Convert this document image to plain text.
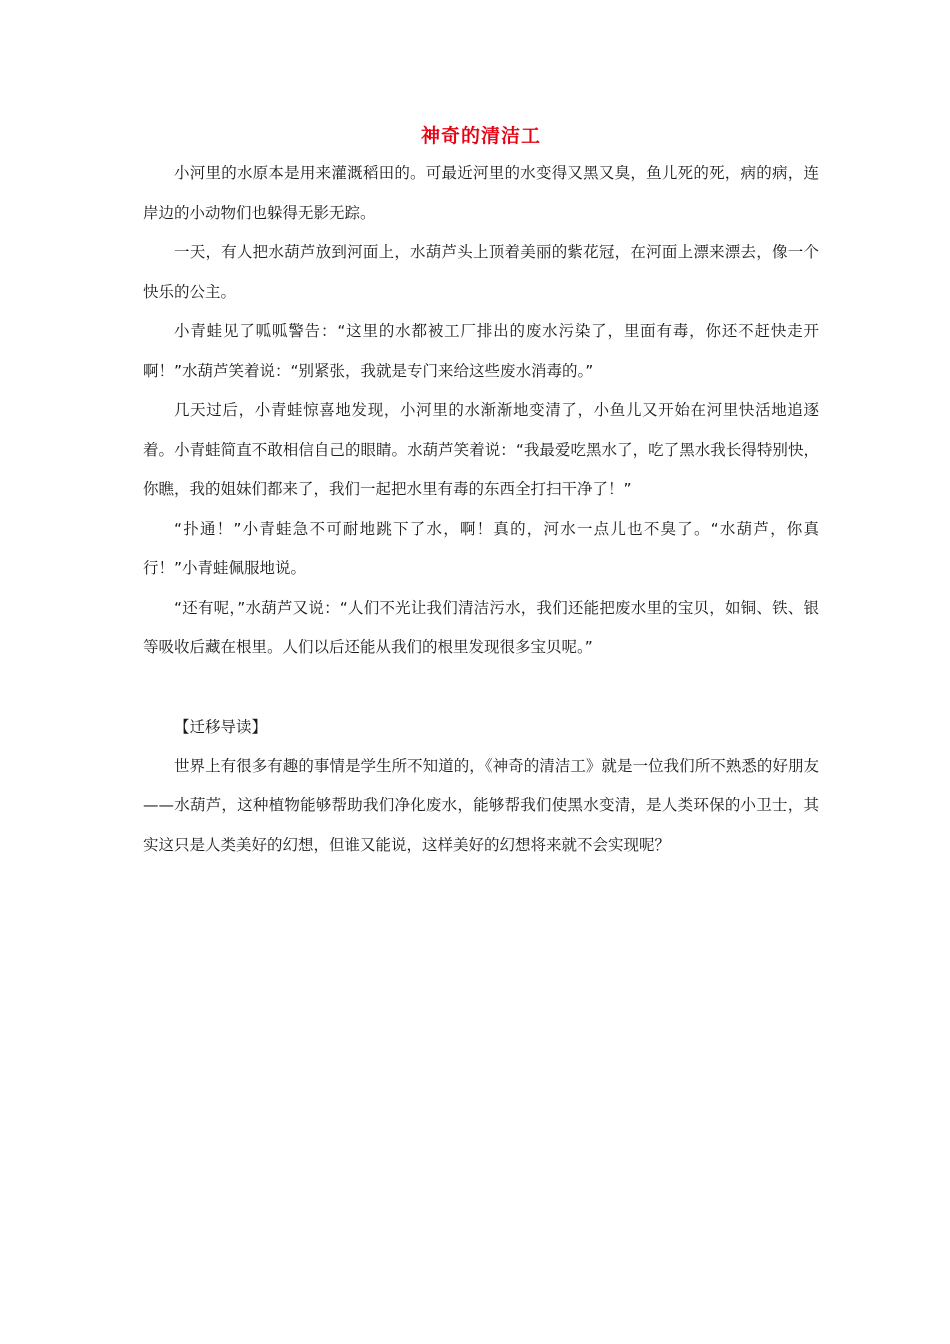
神奇的清洁工

小河里的水原本是用来灌溉稻田的。可最近河里的水变得又黑又臭，鱼儿死的死，病的病，连岸边的小动物们也躲得无影无踪。

一天，有人把水葫芦放到河面上，水葫芦头上顶着美丽的紫花冠，在河面上漂来漂去，像一个快乐的公主。

小青蛙见了呱呱警告：“这里的水都被工厂排出的废水污染了，里面有毒，你还不赶快走开啊！”水葫芦笑着说：“别紧张，我就是专门来给这些废水消毒的。”

几天过后，小青蛙惊喜地发现，小河里的水渐渐地变清了，小鱼儿又开始在河里快活地追逐着。小青蛙简直不敢相信自己的眼睛。水葫芦笑着说：“我最爱吃黑水了，吃了黑水我长得特别快，你瞧，我的姐妹们都来了，我们一起把水里有毒的东西全打扫干净了！”

“扑通！”小青蛙急不可耐地跳下了水，啊！真的，河水一点儿也不臭了。“水葫芦，你真行！”小青蛙佩服地说。

“还有呢，”水葫芦又说：“人们不光让我们清洁污水，我们还能把废水里的宝贝，如铜、铁、银等吸收后藏在根里。人们以后还能从我们的根里发现很多宝贝呢。”

【迁移导读】

世界上有很多有趣的事情是学生所不知道的，《神奇的清洁工》就是一位我们所不熟悉的好朋友——水葫芦，这种植物能够帮助我们净化废水，能够帮我们使黑水变清，是人类环保的小卫士，其实这只是人类美好的幻想，但谁又能说，这样美好的幻想将来就不会实现呢？
